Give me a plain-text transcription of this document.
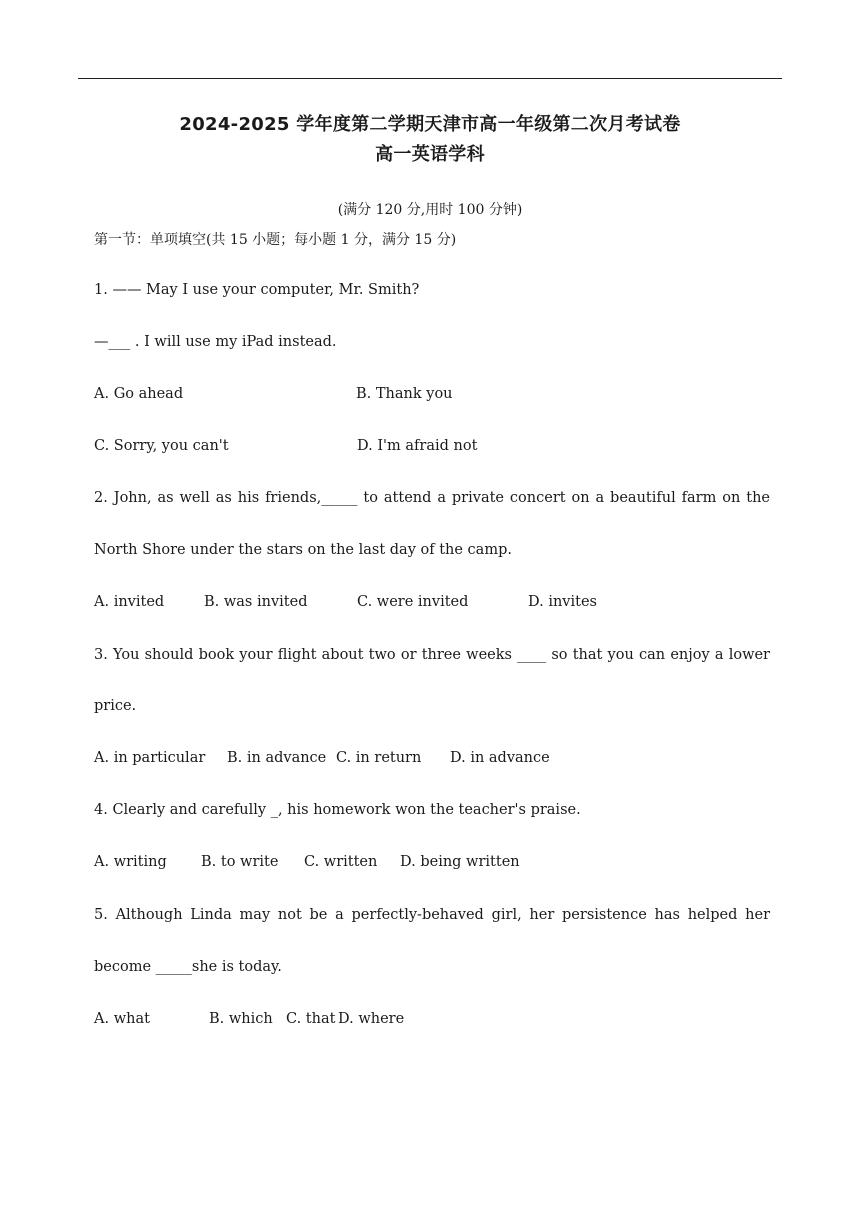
2024-2025 学年度第二学期天津市高一年级第二次月考试卷
高一英语学科
(满分 120 分,用时 100 分钟)
第一节：单项填空(共 15 小题；每小题 1 分，满分 15 分)
1. —— May I use your computer, Mr. Smith?
—___ . I will use my iPad instead.
A. Go ahead	B. Thank you
C. Sorry, you can't	D. I'm afraid not
2. John, as well as his friends,_____ to attend a private concert on a beautiful farm on the
North Shore under the stars on the last day of the camp.
A. invited	B. was invited	C. were invited	D. invites
3. You should book your flight about two or three weeks ____ so that you can enjoy a lower
price.
A. in particular B. in advance C. in return D. in advance
4. Clearly and carefully _, his homework won the teacher's praise.
A. writing B. to write C. written D. being written
5. Although Linda may not be a perfectly-behaved girl, her persistence has helped her
become _____she is today.
A. what	B. which C. that D. where
